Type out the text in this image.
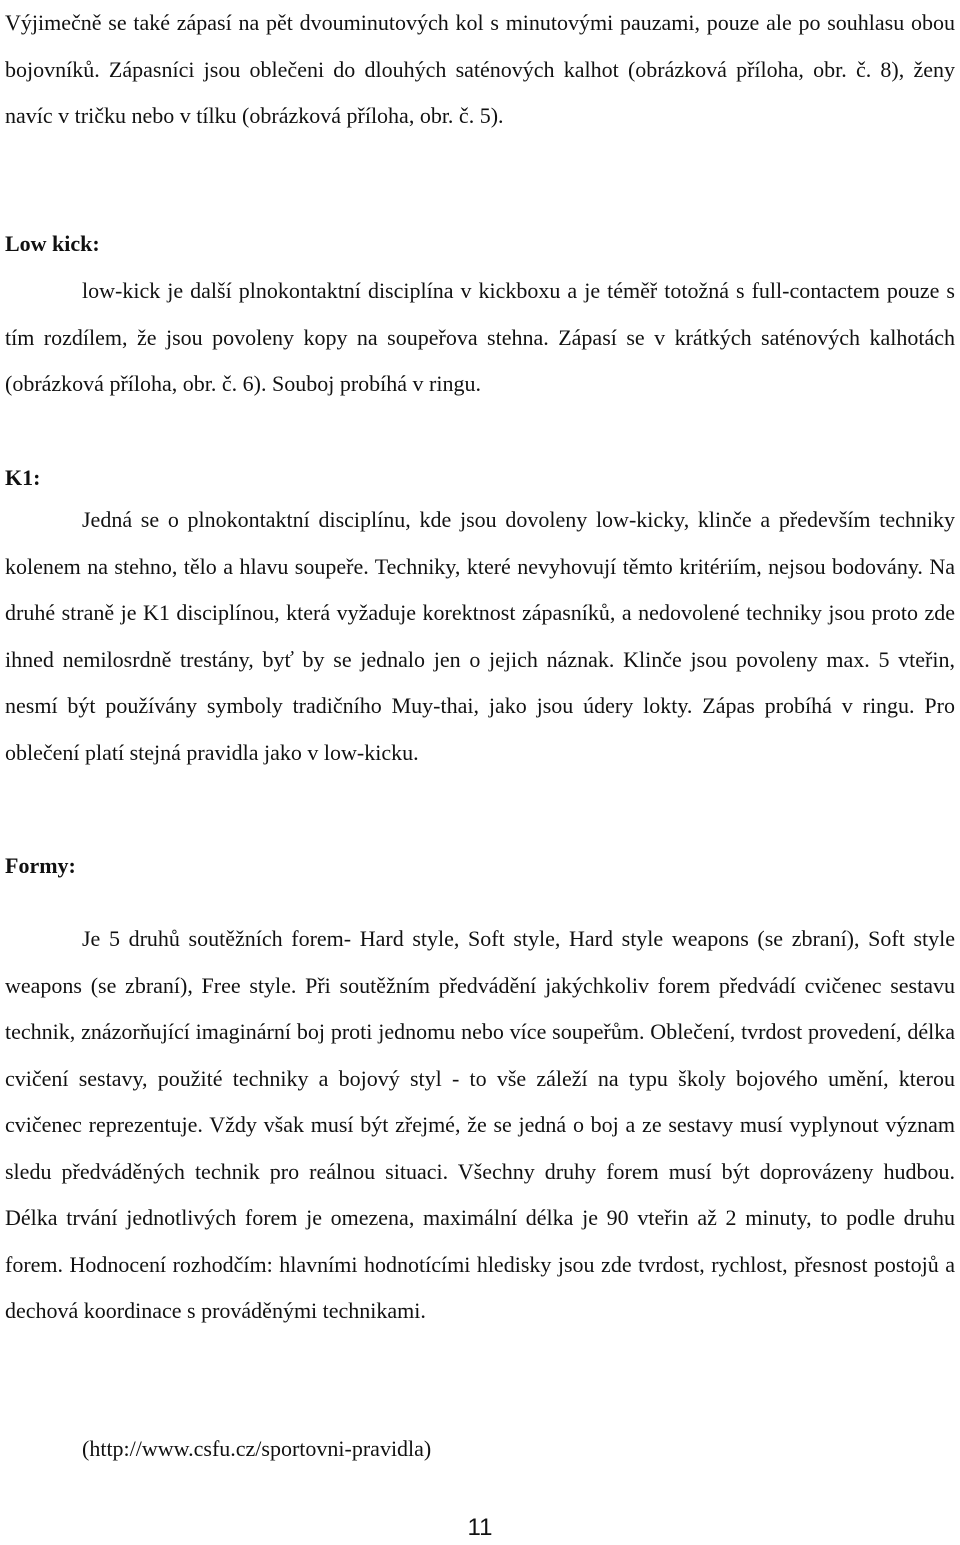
Výjimečně se také zápasí na pět dvouminutových kol s minutovými pauzami, pouze ale po souhlasu obou bojovníků. Zápasníci jsou oblečeni do dlouhých saténových kalhot (obrázková příloha, obr. č. 8), ženy navíc v tričku nebo v tílku (obrázková příloha, obr. č. 5).

Low kick:

low-kick je další plnokontaktní disciplína v kickboxu a je téměř totožná s full-contactem pouze s tím rozdílem, že jsou povoleny kopy na soupeřova stehna. Zápasí se v krátkých saténových kalhotách (obrázková příloha, obr. č. 6). Souboj probíhá v ringu.

K1:

Jedná se o plnokontaktní disciplínu, kde jsou dovoleny low-kicky, klinče a především techniky kolenem na stehno, tělo a hlavu soupeře. Techniky, které nevyhovují těmto kritériím, nejsou bodovány. Na druhé straně je K1 disciplínou, která vyžaduje korektnost zápasníků, a nedovolené techniky jsou proto zde ihned nemilosrdně trestány, byť by se jednalo jen o jejich náznak. Klinče jsou povoleny max. 5 vteřin, nesmí být používány symboly tradičního Muy-thai, jako jsou údery lokty. Zápas probíhá v ringu. Pro oblečení platí stejná pravidla jako v low-kicku.

Formy:

Je 5 druhů soutěžních forem- Hard style, Soft style, Hard style weapons (se zbraní), Soft style weapons (se zbraní), Free style. Při soutěžním předvádění jakýchkoliv forem předvádí cvičenec sestavu technik, znázorňující imaginární boj proti jednomu nebo více soupeřům. Oblečení, tvrdost provedení, délka cvičení sestavy, použité techniky a bojový styl - to vše záleží na typu školy bojového umění, kterou cvičenec reprezentuje. Vždy však musí být zřejmé, že se jedná o boj a ze sestavy musí vyplynout význam sledu předváděných technik pro reálnou situaci. Všechny druhy forem musí být doprovázeny hudbou. Délka trvání jednotlivých forem je omezena, maximální délka je 90 vteřin až 2 minuty, to podle druhu forem. Hodnocení rozhodčím: hlavními hodnotícími hledisky jsou zde tvrdost, rychlost, přesnost postojů a dechová koordinace s prováděnými technikami.

(http://www.csfu.cz/sportovni-pravidla)

11
